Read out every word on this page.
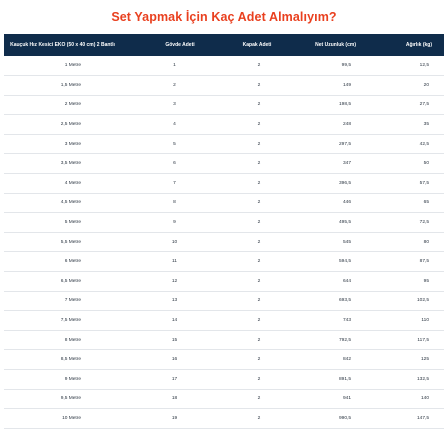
Set Yapmak İçin Kaç Adet Almalıyım?
Kauçuk Hız Kesici EKO (50 x 40 cm) 2 Bantlı	Gövde Adeti	Kapak Adeti	Net Uzunluk (cm)	Ağırlık (kg)
1 Metre	1	2	99,5	12,5
1,5 Metre	2	2	149	20
2 Metre	3	2	198,5	27,5
2,5 Metre	4	2	248	35
3 Metre	5	2	297,5	42,5
3,5 Metre	6	2	347	50
4 Metre	7	2	396,5	57,5
4,5 Metre	8	2	446	65
5 Metre	9	2	495,5	72,5
5,5 Metre	10	2	545	80
6 Metre	11	2	594,5	87,5
6,5 Metre	12	2	644	95
7 Metre	13	2	693,5	102,5
7,5 Metre	14	2	743	110
8 Metre	15	2	792,5	117,5
8,5 Metre	16	2	842	125
9 Metre	17	2	891,5	132,5
9,5 Metre	18	2	941	140
10 Metre	19	2	990,5	147,5
